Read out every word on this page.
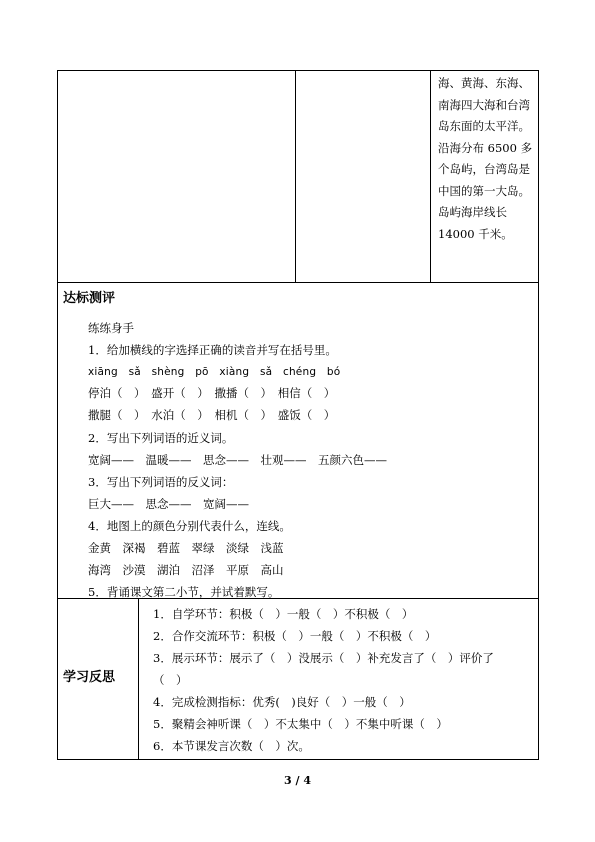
海、黄海、东海、
南海四大海和台湾
岛东面的太平洋。
沿海分布 6500 多
个岛屿，台湾岛是
中国的第一大岛。
岛屿海岸线长
14000 千米。
达标测评
练练身手
1．给加横线的字选择正确的读音并写在括号里。
xiāng　sǎ　shèng　pō　xiàng　sǎ　chéng　bó
停泊（　）　盛开（　）　撒播（　）　相信（　）
撒腿（　）　水泊（　）　相机（　）　盛饭（　）
2．写出下列词语的近义词。
宽阔——　温暖——　思念——　壮观——　五颜六色——
3．写出下列词语的反义词：
巨大——　思念——　宽阔——
4．地图上的颜色分别代表什么，连线。
金黄　深褐　碧蓝　翠绿　淡绿　浅蓝
海湾　沙漠　湖泊　沼泽　平原　高山
5．背诵课文第二小节，并试着默写。
学习反思
1．自学环节：积极（　）一般（　）不积极（　）
2．合作交流环节：积极（　）一般（　）不积极（　）
3．展示环节：展示了（　）没展示（　）补充发言了（　）评价了
（　）
4．完成检测指标：优秀(　)良好（　）一般（　）
5．聚精会神听课（　）不太集中（　）不集中听课（　）
6．本节课发言次数（　）次。
3 / 4
